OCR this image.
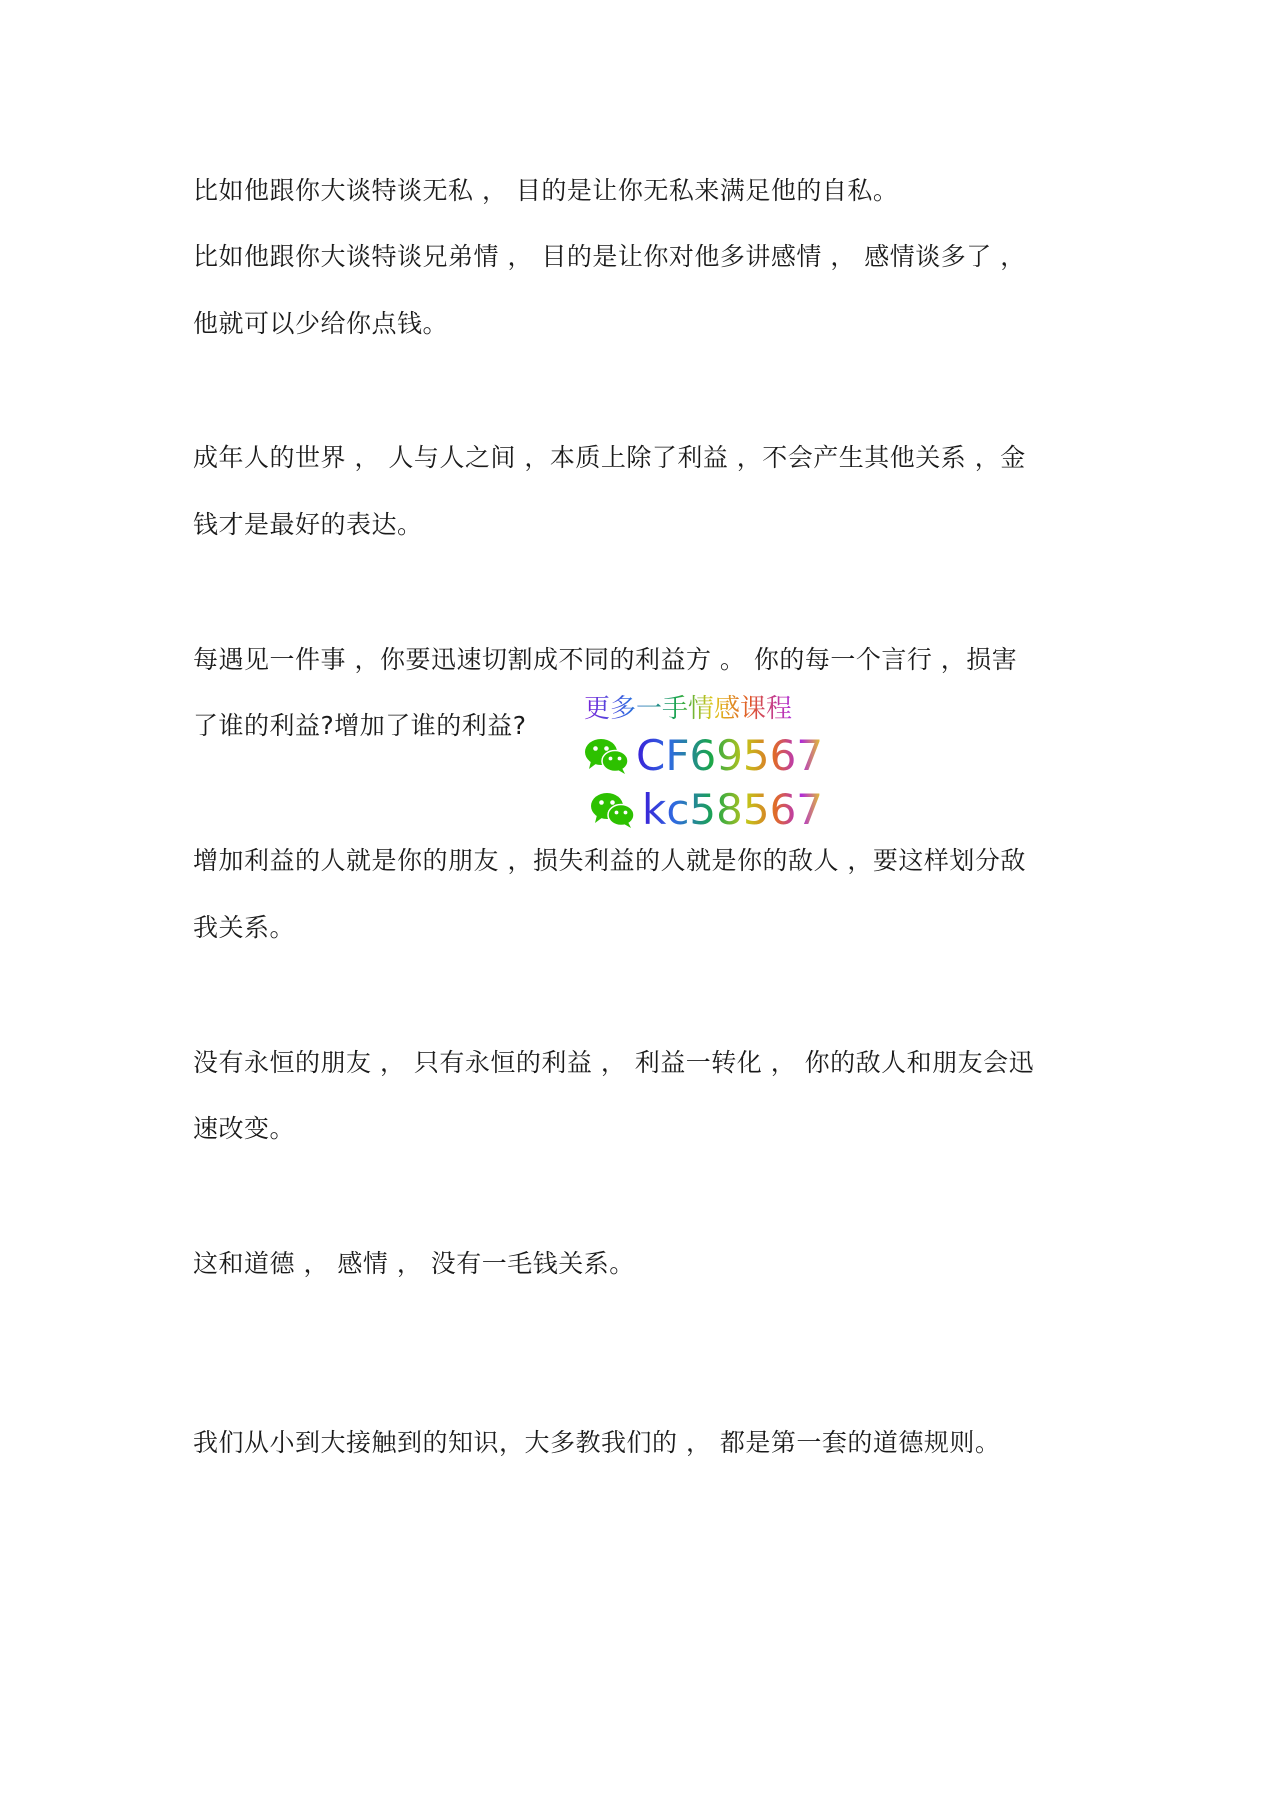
比如他跟你大谈特谈无私 ， 目的是让你无私来满足他的自私。
比如他跟你大谈特谈兄弟情 ， 目的是让你对他多讲感情 ， 感情谈多了 ，
他就可以少给你点钱。
成年人的世界 ， 人与人之间 ，本质上除了利益 ，不会产生其他关系 ，金
钱才是最好的表达。
每遇见一件事 ，你要迅速切割成不同的利益方 。 你的每一个言行 ，损害
了谁的利益?增加了谁的利益?
增加利益的人就是你的朋友 ，损失利益的人就是你的敌人 ，要这样划分敌
我关系。
没有永恒的朋友 ， 只有永恒的利益 ， 利益一转化 ， 你的敌人和朋友会迅
速改变。
这和道德 ， 感情 ， 没有一毛钱关系。
我们从小到大接触到的知识，大多教我们的 ， 都是第一套的道德规则。
更多一手情感课程
CF69567
kc58567
